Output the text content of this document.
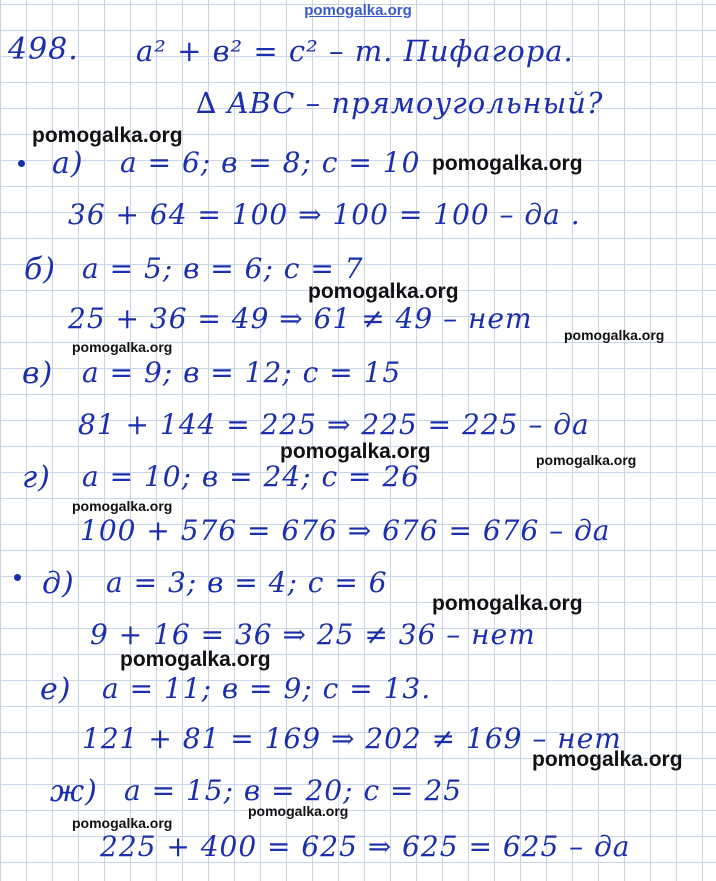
pomogalka.org
498. a² + в² = c² – т. Пифагора.
∆ ABC – прямоугольный?
а) a = 6; в = 8; c = 10
36 + 64 = 100 ⇒ 100 = 100 – да .
б) a = 5; в = 6; c = 7
25 + 36 = 49 ⇒ 61 ≠ 49 – нет
в) a = 9; в = 12; c = 15
81 + 144 = 225 ⇒ 225 = 225 – да
г) a = 10; в = 24; c = 26
100 + 576 = 676 ⇒ 676 = 676 – да
д) a = 3; в = 4; c = 6
9 + 16 = 36 ⇒ 25 ≠ 36 – нет
е) a = 11; в = 9; c = 13.
121 + 81 = 169 ⇒ 202 ≠ 169 – нет
ж) a = 15; в = 20; c = 25
225 + 400 = 625 ⇒ 625 = 625 – да
pomogalka.org
pomogalka.org
pomogalka.org
pomogalka.org
pomogalka.org
pomogalka.org	pomogalka.org
pomogalka.org
pomogalka.org
pomogalka.org
pomogalka.org
pomogalka.org
pomogalka.org
